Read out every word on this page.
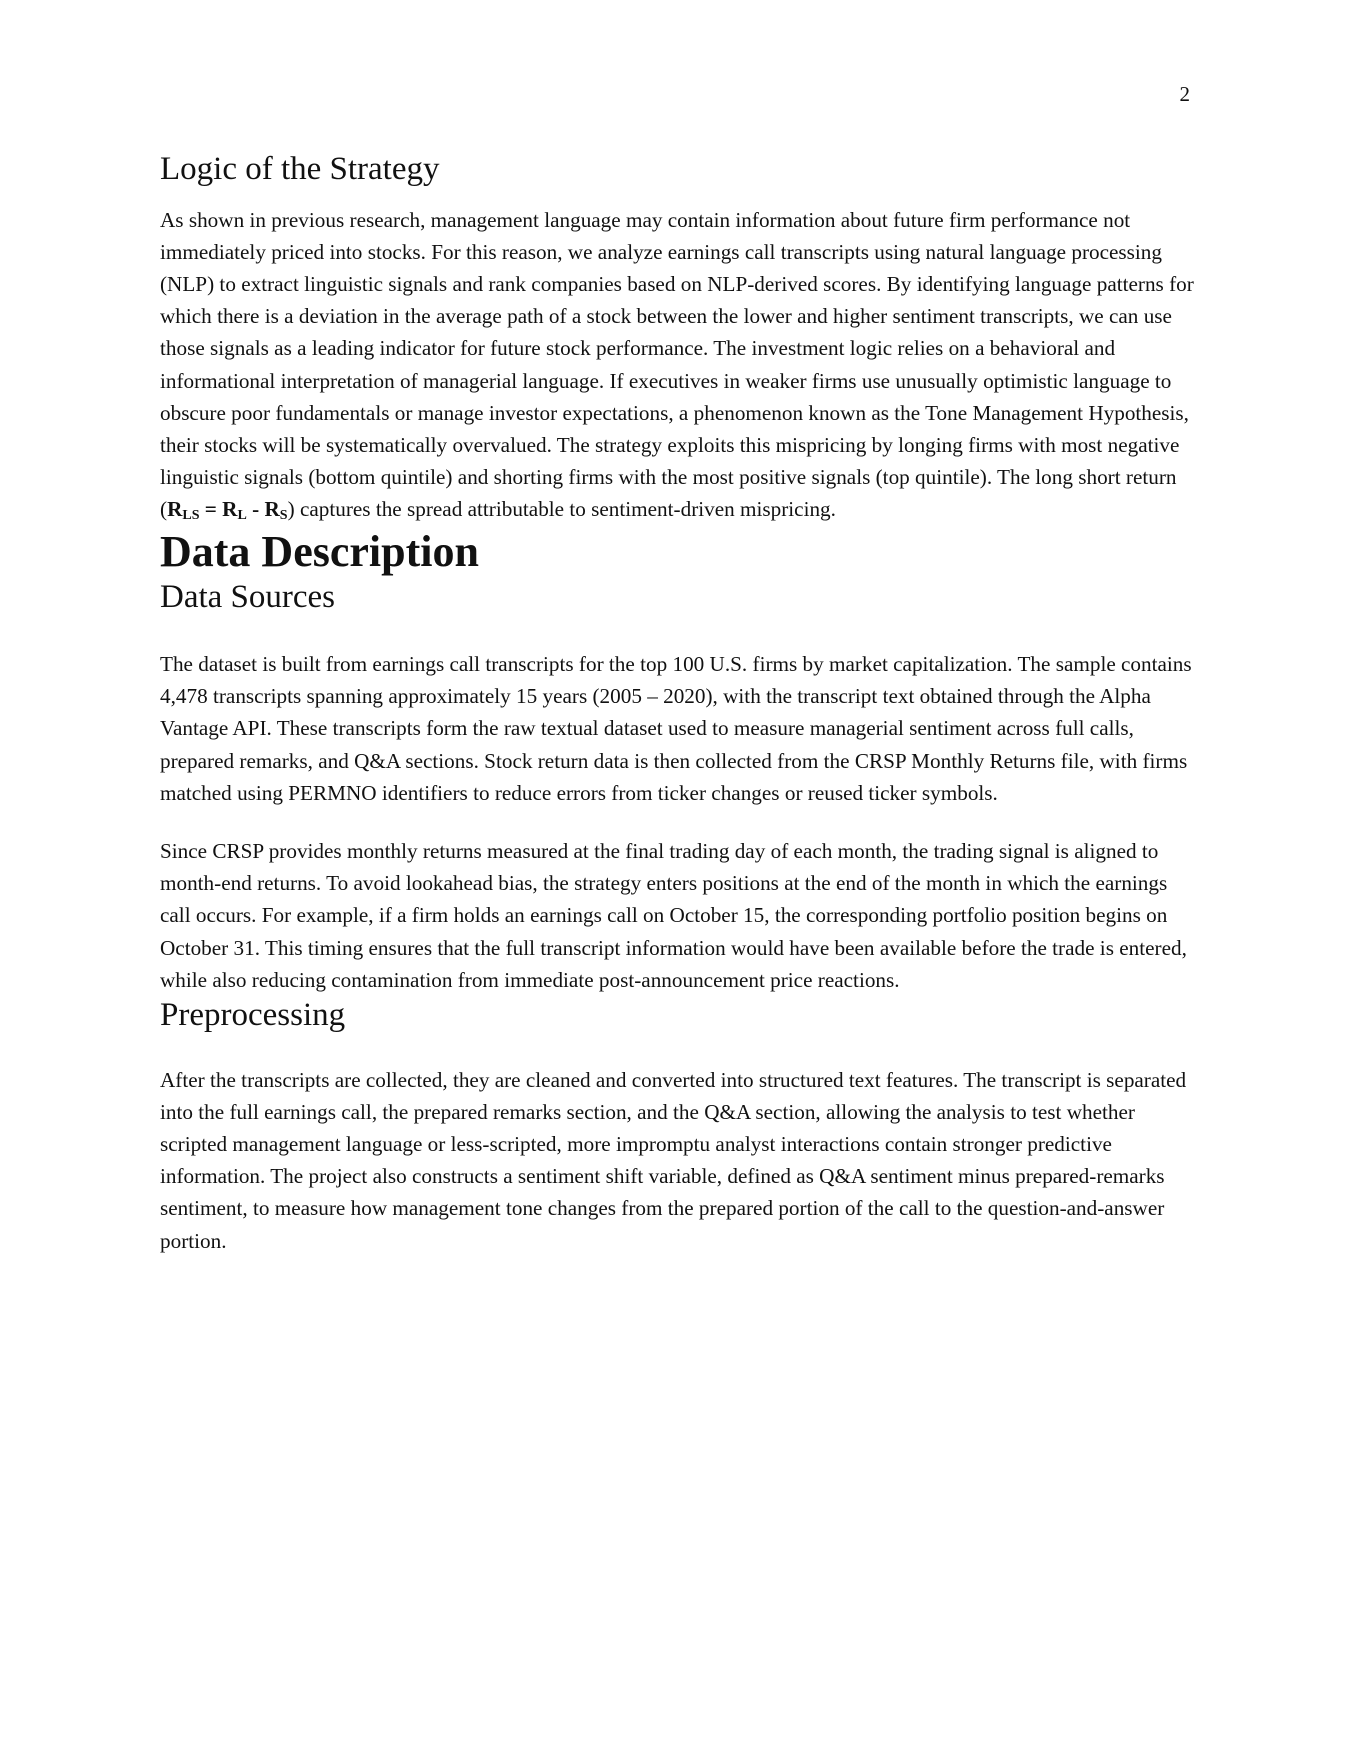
2
Logic of the Strategy

As shown in previous research, management language may contain information about future firm performance not immediately priced into stocks. For this reason, we analyze earnings call transcripts using natural language processing (NLP) to extract linguistic signals and rank companies based on NLP-derived scores. By identifying language patterns for which there is a deviation in the average path of a stock between the lower and higher sentiment transcripts, we can use those signals as a leading indicator for future stock performance. The investment logic relies on a behavioral and informational interpretation of managerial language. If executives in weaker firms use unusually optimistic language to obscure poor fundamentals or manage investor expectations, a phenomenon known as the Tone Management Hypothesis, their stocks will be systematically overvalued. The strategy exploits this mispricing by longing firms with most negative linguistic signals (bottom quintile) and shorting firms with the most positive signals (top quintile). The long short return $(R_{LS} = R_L - R_S)$ captures the spread attributable to sentiment-driven mispricing.

Data Description
Data Sources

The dataset is built from earnings call transcripts for the top 100 U.S. firms by market capitalization. The sample contains 4,478 transcripts spanning approximately 15 years (2005 – 2020), with the transcript text obtained through the Alpha Vantage API. These transcripts form the raw textual dataset used to measure managerial sentiment across full calls, prepared remarks, and Q&A sections. Stock return data is then collected from the CRSP Monthly Returns file, with firms matched using PERMNO identifiers to reduce errors from ticker changes or reused ticker symbols.

Since CRSP provides monthly returns measured at the final trading day of each month, the trading signal is aligned to month-end returns. To avoid lookahead bias, the strategy enters positions at the end of the month in which the earnings call occurs. For example, if a firm holds an earnings call on October 15, the corresponding portfolio position begins on October 31. This timing ensures that the full transcript information would have been available before the trade is entered, while also reducing contamination from immediate post-announcement price reactions.

Preprocessing

After the transcripts are collected, they are cleaned and converted into structured text features. The transcript is separated into the full earnings call, the prepared remarks section, and the Q&A section, allowing the analysis to test whether scripted management language or less-scripted, more impromptu analyst interactions contain stronger predictive information. The project also constructs a sentiment shift variable, defined as Q&A sentiment minus prepared-remarks sentiment, to measure how management tone changes from the prepared portion of the call to the question-and-answer portion.
